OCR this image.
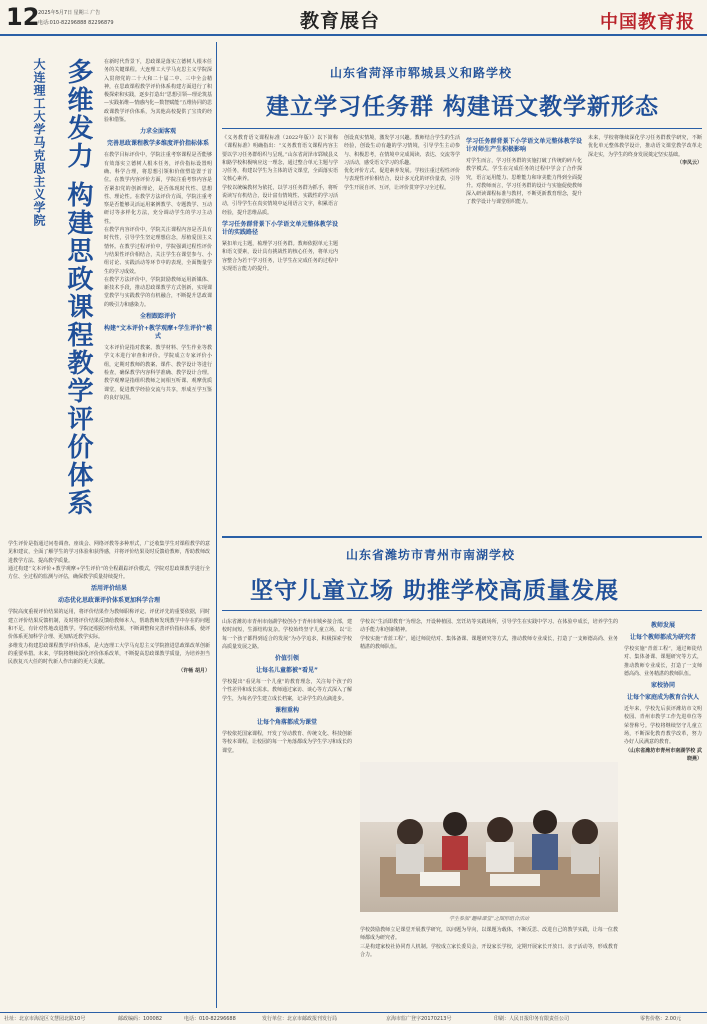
12
2025年5月7日 星期三 广告
电话:010-82296888 82296879	教育展台	中国教育报
大连理工大学马克思主义学院 多维发力 构建思政课程教学评价体系	在新时代背景下，思政课是落实立德树人根本任务的关键课程。大连理工大学马克思主义学院深入贯彻党的二十大和二十届二中、三中全会精神，在思政课程教学评价体系构建方面进行了积极探索和实践，逐步打造出“思想引领—理论筑基—实践拓维—情感内化—数智赋能”五维协同的思政课教学评价体系，为其他高校提供了宝贵的经验和借鉴。

力求全面客观
完善思政课程教学多维度评价指标体系

在教学目标评价中，学院注重考察课程是否能够有效落实立德树人根本任务，评价指标设置明确、科学合理，将思想引领和价值塑造置于首位。在教学内容评价方面，学院注重考察内容是否紧扣党的创新理论，是否体现时代性、思想性、理论性。在教学方法评价方面，学院注重考察是否能够灵活运用案例教学、专题教学、互动研讨等多样化方法，充分调动学生的学习主动性。

在教学内容评价中，学院关注课程内容是否具有时代性，引导学生坚定理想信念，厚植爱国主义情怀。在教学过程评价中，学院强调过程性评价与结果性评价相结合，关注学生在课堂参与、小组讨论、实践活动等环节中的表现，全面衡量学生的学习成效。

在教学方法评价中，学院鼓励教师运用新媒体、新技术手段，推动思政课教学方式创新，实现课堂教学与实践教学的有机融合，不断提升思政课的吸引力和感染力。

全程跟踪评价
构建“文本评价+教学观摩+学生评价”模式

文本评价是指对教案、教学材料、学生作业等教学文本进行审查和评价。学院成立专家评价小组，定期对教师的教案、课件、教学设计等进行检查，确保教学内容科学准确、教学设计合理。教学观摩是指组织教师之间相互听课、观摩优质课堂，促进教学经验交流与共享，形成互学互鉴的良好氛围。

学生评价是指通过问卷调查、座谈会、网络评教等多种形式，广泛收集学生对课程教学的意见和建议，全面了解学生的学习体验和获得感，并将评价结果及时反馈给教师，帮助教师改进教学方法、提高教学质量。

通过构建“文本评价+教学观摩+学生评价”的全程跟踪评价模式，学院对思政课教学进行全方位、全过程的监测与评估，确保教学质量持续提升。

活用评价结果
动态优化思政课评价体系更加科学合理

学院高度重视评价结果的运用，将评价结果作为教师职称评定、评优评先的重要依据，同时建立评价结果反馈机制，及时将评价结果反馈给教师本人，帮助教师发现教学中存在的问题和不足，有针对性地改进教学。学院还根据评价结果，不断调整和完善评价指标体系，使评价体系更加科学合理、更加贴近教学实际。

多维发力构建思政课程教学评价体系，是大连理工大学马克思主义学院推进思政课改革创新的重要举措。未来，学院将继续深化评价体系改革，不断提高思政课教学质量，为培养担当民族复兴大任的时代新人作出新的更大贡献。

（许畅 胡月）

山东省菏泽市郓城县义和路学校
建立学习任务群 构建语文教学新形态

《义务教育语文课程标准（2022年版）》以下简称《课程标准》明确指出：“义务教育语文课程内容主要以学习任务群组织与呈现。”山东省菏泽市郓城县义和路学校积极响应这一理念，通过整合单元主题与学习任务，构建以学生为主体的语文课堂，全面落实语文核心素养。

学校以统编教材为依托，以学习任务群为抓手，将听说读写有机结合，设计富有情境性、实践性的学习活动，引导学生在真实情境中运用语言文字，积累语言经验，提升思维品质。

学习任务群背景下小学语文单元整体教学设计的实践路径

紧扣单元主题，梳理学习任务群。教师依据单元主题和语文要素，设计具有挑战性的核心任务，将单元内容整合为若干学习任务，让学生在完成任务的过程中实现语言能力的提升。

创设真实情境，激发学习兴趣。教师结合学生的生活经验，创设生动有趣的学习情境，引导学生主动参与、积极思考，在情境中完成阅读、表达、交流等学习活动，感受语文学习的乐趣。

优化评价方式，促进素养发展。学校注重过程性评价与表现性评价相结合，设计多元化的评价量表，引导学生开展自评、互评，让评价贯穿学习全过程。

学习任务群背景下小学语文单元整体教学设计对师生产生积极影响

对学生而言，学习任务群的实施打破了传统的碎片化教学模式，学生在完成任务的过程中学会了合作探究，语言运用能力、思维能力和审美能力得到全面提升。对教师而言，学习任务群的设计与实施促使教师深入研读课程标准与教材，不断更新教育理念，提升了教学设计与课堂组织能力。

未来，学校将继续深化学习任务群教学研究，不断优化单元整体教学设计，推动语文课堂教学改革走深走实，为学生的终身发展奠定坚实基础。

（李凤云）

山东省潍坊市青州市南湖学校
坚守儿童立场 助推学校高质量发展

山东省潍坊市青州市南湖学校创办于青州市城乡接合部，建校时间短，生源结构复杂。学校始终坚守儿童立场，以“让每一个孩子都得到适合的发展”为办学追求，积极探索学校高质量发展之路。

价值引领
让每名儿童都被“看见”

学校提出“看见每一个儿童”的教育理念，关注每个孩子的个性差异和成长需求。教师通过家访、谈心等方式深入了解学生，为每名学生建立成长档案，记录学生的点滴进步。

课程重构
让每个角落都成为课堂

学校依托国家课程，开发了劳动教育、传统文化、科技创新等校本课程，让校园的每一个角落都成为学生学习和成长的课堂。

学校以“生活即教育”为理念，开设种植园、烹饪坊等实践场所，引导学生在实践中学习、在体验中成长，培养学生的动手能力和创新精神。

学校实施“青蓝工程”，通过师徒结对、集体备课、课题研究等方式，推动教师专业成长，打造了一支师德高尚、业务精湛的教师队伍。

学生参加“趣味课堂”之图形组合活动

学校鼓励教师立足课堂开展教学研究，以问题为导向，以课题为载体，不断反思、改进自己的教学实践，让每一位教师都成为研究者。

三是构建家校社协同育人机制。学校成立家长委员会，开设家长学校，定期开展家长开放日、亲子活动等，形成教育合力。

教师发展
让每个教师都成为研究者

学校实施“青蓝工程”，通过师徒结对、集体备课、课题研究等方式，推动教师专业成长，打造了一支师德高尚、业务精湛的教师队伍。

家校协同
让每个家庭成为教育合伙人

近年来，学校先后获评潍坊市文明校园、青州市教学工作先进单位等荣誉称号。学校将继续坚守儿童立场，不断深化教育教学改革，努力办好人民满意的教育。

（山东省潍坊市青州市南湖学校 武晓燕）

社址：北京市海淀区文慧园北路10号	邮政编码：100082	电话：010-82296688	发行单位：北京市邮政报刊发行局	京海市监广登字20170213号	印刷：人民日报印务有限责任公司	零售价格：2.00元
